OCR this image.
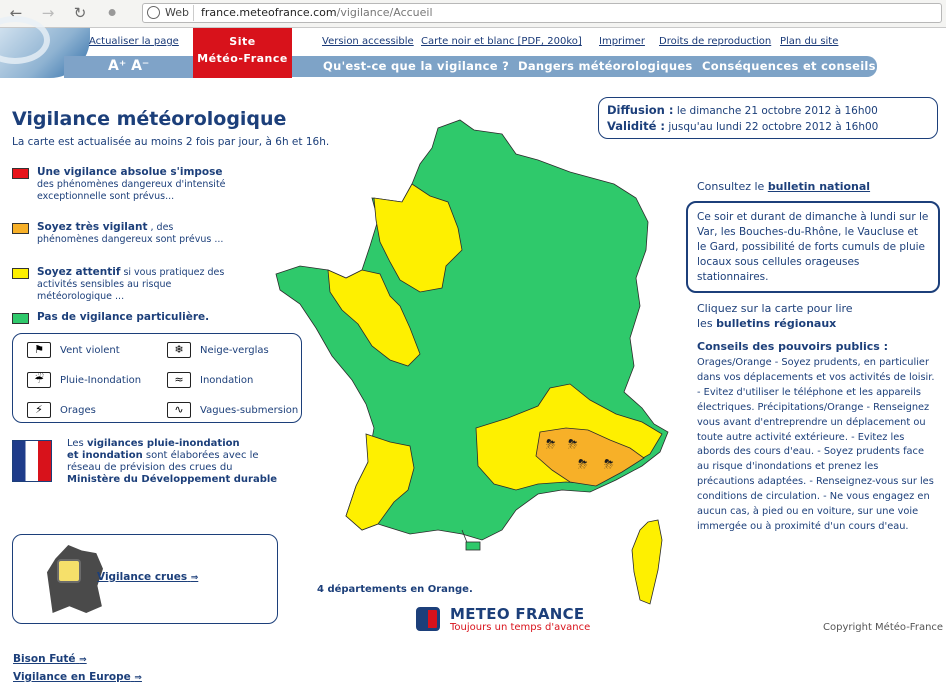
← → ↻ ⚫	Web france.meteofrance.com/vigilance/Accueil
A⁺ A⁻
Actualiser la page	Version accessible Carte noir et blanc [PDF, 200ko] Imprimer Droits de reproduction Plan du site
Site
Météo-France
Qu'est-ce que la vigilance ? Dangers météorologiques Conséquences et conseils
Vigilance météorologique
La carte est actualisée au moins 2 fois par jour, à 6h et 16h.
Une vigilance absolue s'impose
des phénomènes dangereux d'intensité exceptionnelle sont prévus...
Soyez très vigilant , des phénomènes dangereux sont prévus ...
Soyez attentif si vous pratiquez des activités sensibles au risque météorologique ...
Pas de vigilance particulière.
⚑ Vent violent	❄ Neige-verglas
☔ Pluie-Inondation	≈ Inondation
⚡ Orages	∿ Vagues-submersion
Les vigilances pluie-inondation
et inondation sont élaborées avec le réseau de prévision des crues du Ministère du Développement durable
Vigilance crues ⇒
Bison Futé ⇒
Vigilance en Europe ⇒
⛈ ⛈
⛈ ⛈
4 départements en Orange.
METEO FRANCE
Toujours un temps d'avance
Diffusion : le dimanche 21 octobre 2012 à 16h00
Validité : jusqu'au lundi 22 octobre 2012 à 16h00
Consultez le bulletin national
Ce soir et durant de dimanche à lundi sur le Var, les Bouches-du-Rhône, le Vaucluse et le Gard, possibilité de forts cumuls de pluie locaux sous cellules orageuses stationnaires.
Cliquez sur la carte pour lire
les bulletins régionaux
Conseils des pouvoirs publics :
Orages/Orange - Soyez prudents, en particulier dans vos déplacements et vos activités de loisir. - Evitez d'utiliser le téléphone et les appareils électriques. Précipitations/Orange - Renseignez vous avant d'entreprendre un déplacement ou toute autre activité extérieure. - Evitez les abords des cours d'eau. - Soyez prudents face au risque d'inondations et prenez les précautions adaptées. - Renseignez-vous sur les conditions de circulation. - Ne vous engagez en aucun cas, à pied ou en voiture, sur une voie immergée ou à proximité d'un cours d'eau.
Copyright Météo-France
